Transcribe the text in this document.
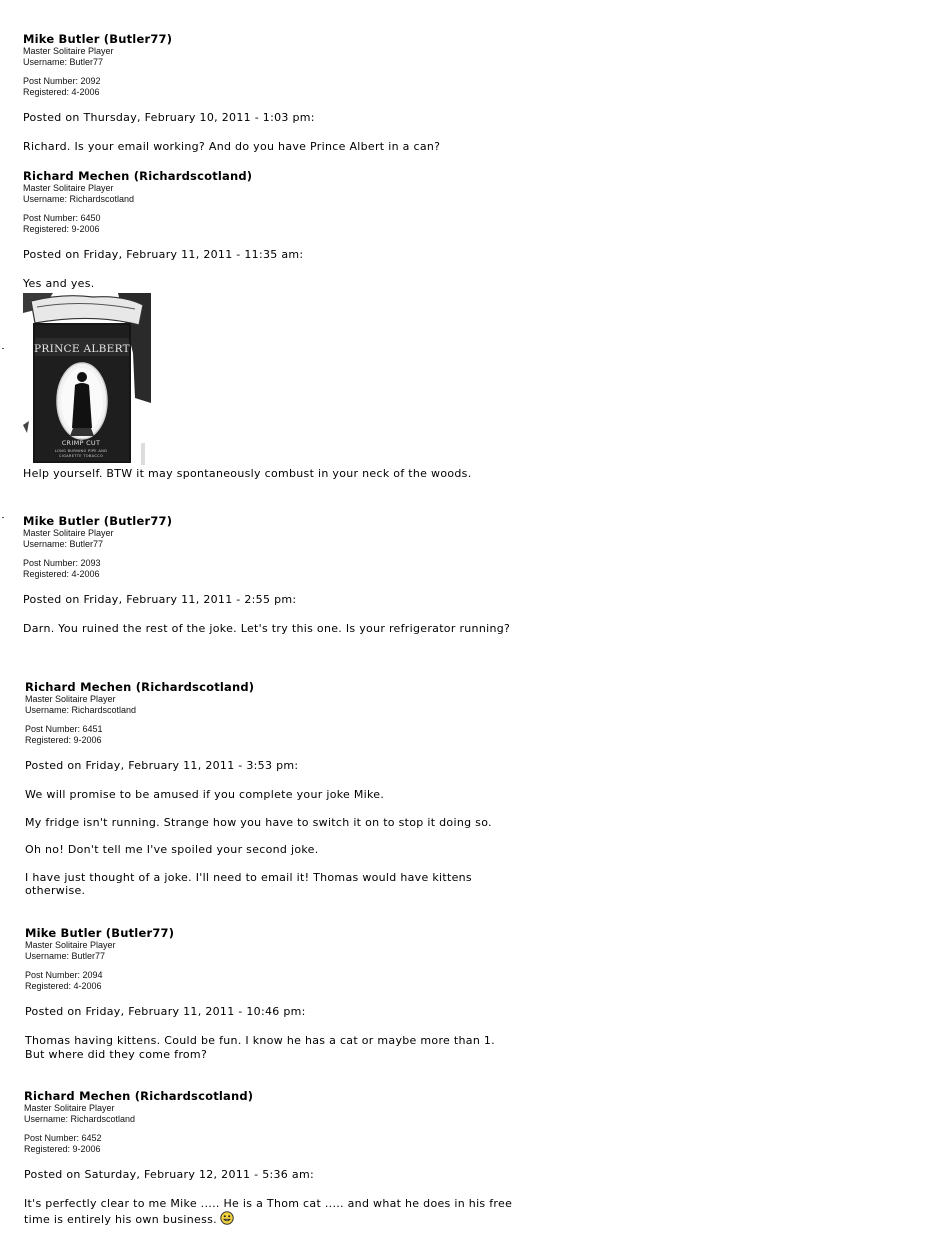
Mike Butler (Butler77)
Master Solitaire Player
Username: Butler77
Post Number: 2092
Registered: 4-2006
Posted on Thursday, February 10, 2011 - 1:03 pm:

Richard. Is your email working? And do you have Prince Albert in a can?

Richard Mechen (Richardscotland)
Master Solitaire Player
Username: Richardscotland
Post Number: 6450
Registered: 9-2006
Posted on Friday, February 11, 2011 - 11:35 am:
Yes and yes.
PRINCE ALBERT
CRIMP CUT
LONG BURNING PIPE AND
CIGARETTE TOBACCO
Help yourself. BTW it may spontaneously combust in your neck of the woods.
Mike Butler (Butler77)
Master Solitaire Player
Username: Butler77
Post Number: 2093
Registered: 4-2006
Posted on Friday, February 11, 2011 - 2:55 pm:

Darn. You ruined the rest of the joke. Let's try this one. Is your refrigerator running?

Richard Mechen (Richardscotland)
Master Solitaire Player
Username: Richardscotland
Post Number: 6451
Registered: 9-2006
Posted on Friday, February 11, 2011 - 3:53 pm:

We will promise to be amused if you complete your joke Mike.

My fridge isn't running. Strange how you have to switch it on to stop it doing so.

Oh no! Don't tell me I've spoiled your second joke.

I have just thought of a joke. I'll need to email it! Thomas would have kittens otherwise.

Mike Butler (Butler77)
Master Solitaire Player
Username: Butler77
Post Number: 2094
Registered: 4-2006
Posted on Friday, February 11, 2011 - 10:46 pm:

Thomas having kittens. Could be fun. I know he has a cat or maybe more than 1. But where did they come from?

Richard Mechen (Richardscotland)
Master Solitaire Player
Username: Richardscotland
Post Number: 6452
Registered: 9-2006
Posted on Saturday, February 12, 2011 - 5:36 am:

It's perfectly clear to me Mike ..... He is a Thom cat ..... and what he does in his free time is entirely his own business.
